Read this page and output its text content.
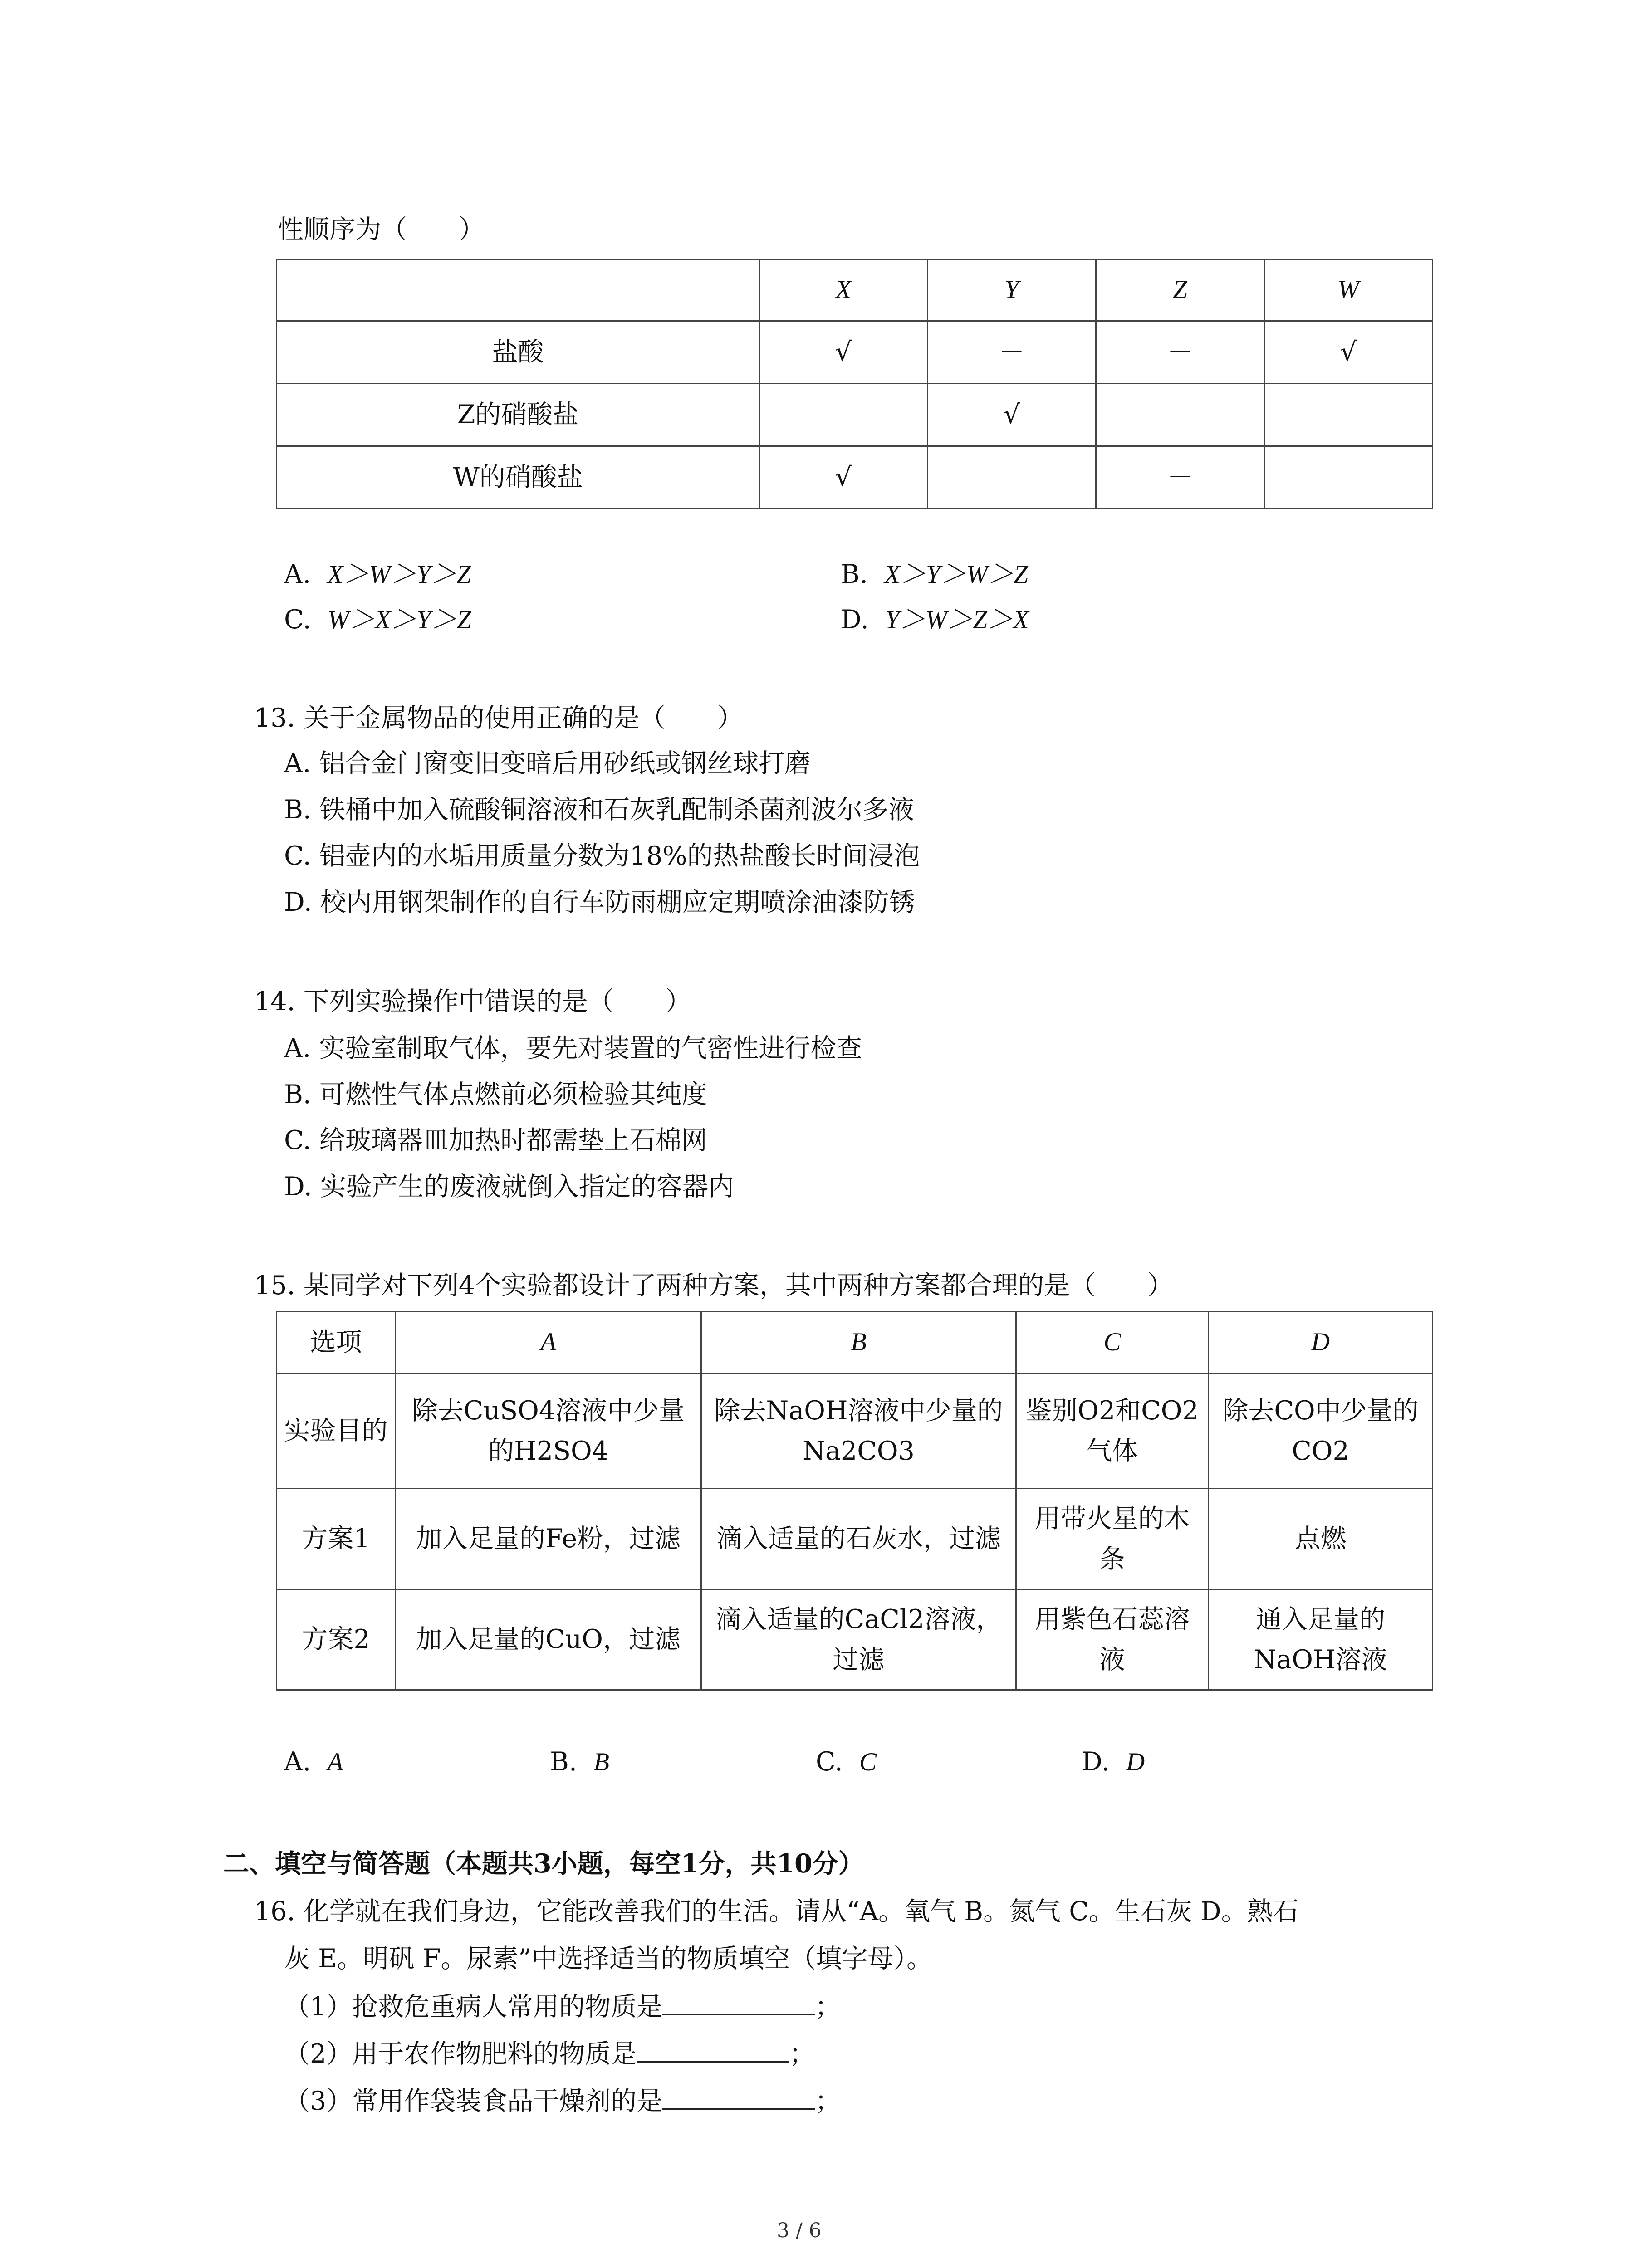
性顺序为（　　）
	X	Y	Z	W
盐酸	√	－	－	√
Z的硝酸盐		√		
W的硝酸盐	√		－	
A. X＞W＞Y＞Z	B. X＞Y＞W＞Z
C. W＞X＞Y＞Z	D. Y＞W＞Z＞X
13. 关于金属物品的使用正确的是（　　）
A. 铝合金门窗变旧变暗后用砂纸或钢丝球打磨
B. 铁桶中加入硫酸铜溶液和石灰乳配制杀菌剂波尔多液
C. 铝壶内的水垢用质量分数为18%的热盐酸长时间浸泡
D. 校内用钢架制作的自行车防雨棚应定期喷涂油漆防锈
14. 下列实验操作中错误的是（　　）
A. 实验室制取气体，要先对装置的气密性进行检查
B. 可燃性气体点燃前必须检验其纯度
C. 给玻璃器皿加热时都需垫上石棉网
D. 实验产生的废液就倒入指定的容器内
15. 某同学对下列4个实验都设计了两种方案，其中两种方案都合理的是（　　）
选项	A	B	C	D
实验目的	除去CuSO4溶液中少量的H2SO4	除去NaOH溶液中少量的Na2CO3	鉴别O2和CO2气体	除去CO中少量的CO2
方案1	加入足量的Fe粉，过滤	滴入适量的石灰水，过滤	用带火星的木条	点燃
方案2	加入足量的CuO，过滤	滴入适量的CaCl2溶液，过滤	用紫色石蕊溶液	通入足量的NaOH溶液
A. A	B. B	C. C	D. D
二、填空与简答题（本题共3小题，每空1分，共10分）
16. 化学就在我们身边，它能改善我们的生活。请从“A。氧气 B。氮气 C。生石灰 D。熟石
灰 E。明矾 F。尿素”中选择适当的物质填空（填字母）。
（1）抢救危重病人常用的物质是	；
（2）用于农作物肥料的物质是	；
（3）常用作袋装食品干燥剂的是	；
3 / 6
